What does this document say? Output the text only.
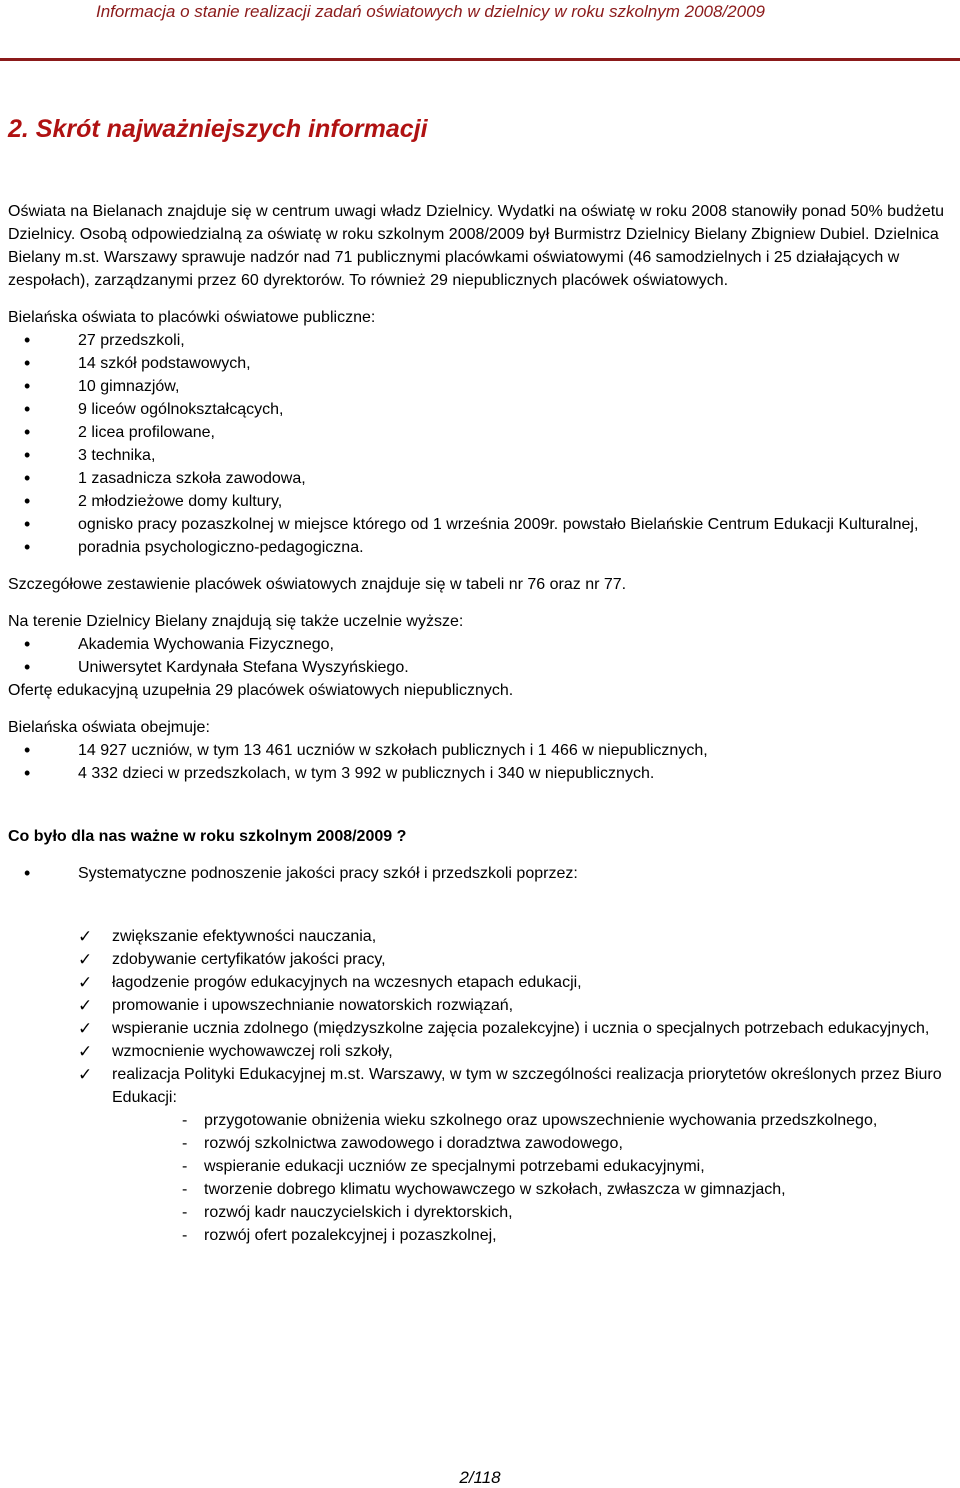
Informacja o stanie realizacji zadań oświatowych w dzielnicy w roku szkolnym 2008/2009
2. Skrót najważniejszych informacji

Oświata na Bielanach znajduje się w centrum uwagi władz Dzielnicy. Wydatki na oświatę w roku 2008 stanowiły ponad 50% budżetu Dzielnicy. Osobą odpowiedzialną za oświatę w roku szkolnym 2008/2009 był Burmistrz Dzielnicy Bielany Zbigniew Dubiel. Dzielnica Bielany m.st. Warszawy sprawuje nadzór nad 71 publicznymi placówkami oświatowymi (46 samodzielnych i 25 działających w zespołach), zarządzanymi przez 60 dyrektorów. To również 29 niepublicznych placówek oświatowych.

Bielańska oświata to placówki oświatowe publiczne:

• 27 przedszkoli,
• 14 szkół podstawowych,
• 10 gimnazjów,
• 9 liceów ogólnokształcących,
• 2 licea profilowane,
• 3 technika,
• 1 zasadnicza szkoła zawodowa,
• 2 młodzieżowe domy kultury,
• ognisko pracy pozaszkolnej w miejsce którego od 1 września 2009r. powstało Bielańskie Centrum Edukacji Kulturalnej,
• poradnia psychologiczno-pedagogiczna.

Szczegółowe zestawienie placówek oświatowych znajduje się w tabeli nr 76 oraz nr 77.

Na terenie Dzielnicy Bielany znajdują się także uczelnie wyższe:

• Akademia Wychowania Fizycznego,
• Uniwersytet Kardynała Stefana Wyszyńskiego.

Ofertę edukacyjną uzupełnia 29 placówek oświatowych niepublicznych.

Bielańska oświata obejmuje:

• 14 927 uczniów, w tym 13 461 uczniów w szkołach publicznych i 1 466 w niepublicznych,
• 4 332 dzieci w przedszkolach, w tym 3 992 w publicznych i 340 w niepublicznych.

Co było dla nas ważne w roku szkolnym 2008/2009 ?

• Systematyczne podnoszenie jakości pracy szkół i przedszkoli poprzez:
✓ zwiększanie efektywności nauczania,
✓ zdobywanie certyfikatów jakości pracy,
✓ łagodzenie progów edukacyjnych na wczesnych etapach edukacji,
✓ promowanie i upowszechnianie nowatorskich rozwiązań,
✓ wspieranie ucznia zdolnego (międzyszkolne zajęcia pozalekcyjne) i ucznia o specjalnych potrzebach edukacyjnych,
✓ wzmocnienie wychowawczej roli szkoły,
✓ realizacja Polityki Edukacyjnej m.st. Warszawy, w tym w szczególności realizacja priorytetów określonych przez Biuro Edukacji:
- przygotowanie obniżenia wieku szkolnego oraz upowszechnienie wychowania przedszkolnego,
- rozwój szkolnictwa zawodowego i doradztwa zawodowego,
- wspieranie edukacji uczniów ze specjalnymi potrzebami edukacyjnymi,
- tworzenie dobrego klimatu wychowawczego w szkołach, zwłaszcza w gimnazjach,
- rozwój kadr nauczycielskich i dyrektorskich,
- rozwój ofert pozalekcyjnej i pozaszkolnej,
2/118
